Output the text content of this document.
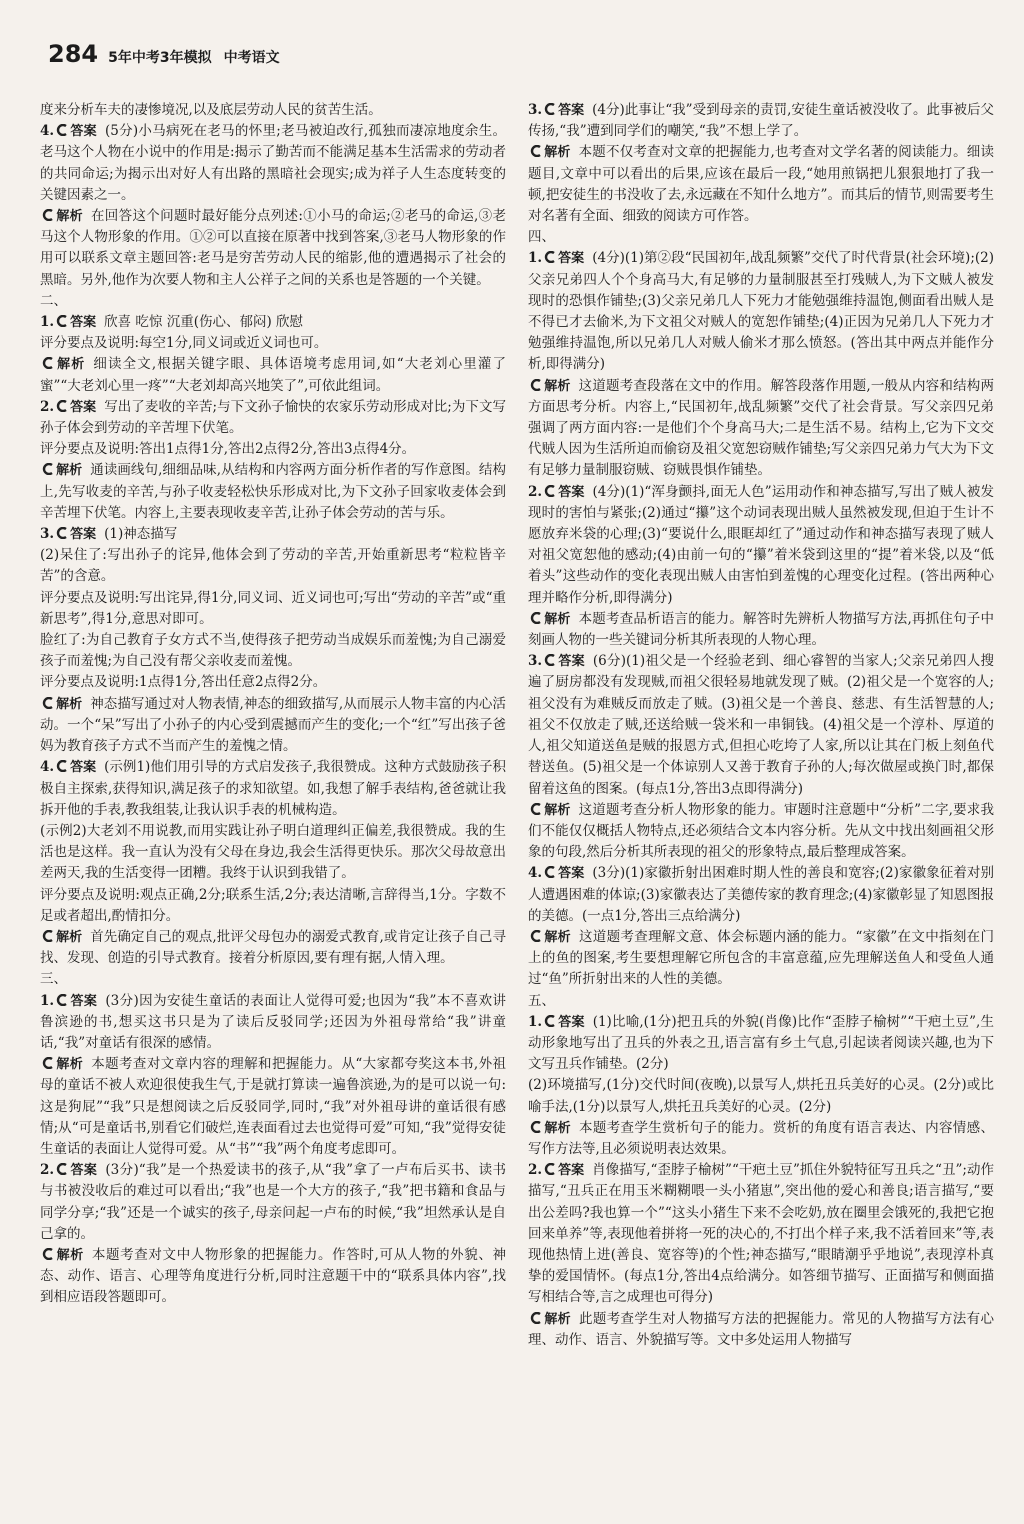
284 5年中考3年模拟 中考语文

度来分析车夫的凄惨境况,以及底层劳动人民的贫苦生活。

4. 答案 (5分)小马病死在老马的怀里;老马被迫改行,孤独而凄凉地度余生。老马这个人物在小说中的作用是:揭示了勤苦而不能满足基本生活需求的劳动者的共同命运;为揭示出对好人有出路的黑暗社会现实;成为祥子人生态度转变的关键因素之一。

解析 在回答这个问题时最好能分点列述:①小马的命运;②老马的命运,③老马这个人物形象的作用。①②可以直接在原著中找到答案,③老马人物形象的作用可以联系文章主题回答:老马是穷苦劳动人民的缩影,他的遭遇揭示了社会的黑暗。另外,他作为次要人物和主人公祥子之间的关系也是答题的一个关键。

二、

1. 答案 欣喜 吃惊 沉重(伤心、郁闷) 欣慰

评分要点及说明:每空1分,同义词或近义词也可。

解析 细读全文,根据关键字眼、具体语境考虑用词,如“大老刘心里灌了蜜”“大老刘心里一疼”“大老刘却高兴地笑了”,可依此组词。

2. 答案 写出了麦收的辛苦;与下文孙子愉快的农家乐劳动形成对比;为下文写孙子体会到劳动的辛苦埋下伏笔。

评分要点及说明:答出1点得1分,答出2点得2分,答出3点得4分。

解析 通读画线句,细细品味,从结构和内容两方面分析作者的写作意图。结构上,先写收麦的辛苦,与孙子收麦轻松快乐形成对比,为下文孙子回家收麦体会到辛苦埋下伏笔。内容上,主要表现收麦辛苦,让孙子体会劳动的苦与乐。

3. 答案 (1)神态描写

(2)呆住了:写出孙子的诧异,他体会到了劳动的辛苦,开始重新思考“粒粒皆辛苦”的含意。

评分要点及说明:写出诧异,得1分,同义词、近义词也可;写出“劳动的辛苦”或“重新思考”,得1分,意思对即可。

脸红了:为自己教育子女方式不当,使得孩子把劳动当成娱乐而羞愧;为自己溺爱孩子而羞愧;为自己没有帮父亲收麦而羞愧。

评分要点及说明:1点得1分,答出任意2点得2分。

解析 神态描写通过对人物表情,神态的细致描写,从而展示人物丰富的内心活动。一个“呆”写出了小孙子的内心受到震撼而产生的变化;一个“红”写出孩子爸妈为教育孩子方式不当而产生的羞愧之情。

4. 答案 (示例1)他们用引导的方式启发孩子,我很赞成。这种方式鼓励孩子积极自主探索,获得知识,满足孩子的求知欲望。如,我想了解手表结构,爸爸就让我拆开他的手表,教我组装,让我认识手表的机械构造。

(示例2)大老刘不用说教,而用实践让孙子明白道理纠正偏差,我很赞成。我的生活也是这样。我一直认为没有父母在身边,我会生活得更快乐。那次父母故意出差两天,我的生活变得一团糟。我终于认识到我错了。

评分要点及说明:观点正确,2分;联系生活,2分;表达清晰,言辞得当,1分。字数不足或者超出,酌情扣分。

解析 首先确定自己的观点,批评父母包办的溺爱式教育,或肯定让孩子自己寻找、发现、创造的引导式教育。接着分析原因,要有理有据,人情入理。

三、

1. 答案 (3分)因为安徒生童话的表面让人觉得可爱;也因为“我”本不喜欢讲鲁滨逊的书,想买这书只是为了读后反驳同学;还因为外祖母常给“我”讲童话,“我”对童话有很深的感情。

解析 本题考查对文章内容的理解和把握能力。从“大家都夸奖这本书,外祖母的童话不被人欢迎很使我生气,于是就打算读一遍鲁滨逊,为的是可以说一句:这是狗屁”“我”只是想阅读之后反驳同学,同时,“我”对外祖母讲的童话很有感情;从“可是童话书,别看它们破烂,连表面看过去也觉得可爱”可知,“我”觉得安徒生童话的表面让人觉得可爱。从“书”“我”两个角度考虑即可。

2. 答案 (3分)“我”是一个热爱读书的孩子,从“我”拿了一卢布后买书、读书与书被没收后的难过可以看出;“我”也是一个大方的孩子,“我”把书籍和食品与同学分享;“我”还是一个诚实的孩子,母亲问起一卢布的时候,“我”坦然承认是自己拿的。

解析 本题考查对文中人物形象的把握能力。作答时,可从人物的外貌、神态、动作、语言、心理等角度进行分析,同时注意题干中的“联系具体内容”,找到相应语段答题即可。

3. 答案 (4分)此事让“我”受到母亲的责罚,安徒生童话被没收了。此事被后父传扬,“我”遭到同学们的嘲笑,“我”不想上学了。

解析 本题不仅考查对文章的把握能力,也考查对文学名著的阅读能力。细读题目,文章中可以看出的后果,应该在最后一段,“她用煎锅把儿狠狠地打了我一顿,把安徒生的书没收了去,永远藏在不知什么地方”。而其后的情节,则需要考生对名著有全面、细致的阅读方可作答。

四、

1. 答案 (4分)(1)第②段“民国初年,战乱频繁”交代了时代背景(社会环境);(2)父亲兄弟四人个个身高马大,有足够的力量制服甚至打残贼人,为下文贼人被发现时的恐惧作铺垫;(3)父亲兄弟几人下死力才能勉强维持温饱,侧面看出贼人是不得已才去偷米,为下文祖父对贼人的宽恕作铺垫;(4)正因为兄弟几人下死力才勉强维持温饱,所以兄弟几人对贼人偷米才那么愤怒。(答出其中两点并能作分析,即得满分)

解析 这道题考查段落在文中的作用。解答段落作用题,一般从内容和结构两方面思考分析。内容上,“民国初年,战乱频繁”交代了社会背景。写父亲四兄弟强调了两方面内容:一是他们个个身高马大;二是生活不易。结构上,它为下文交代贼人因为生活所迫而偷窃及祖父宽恕窃贼作铺垫;写父亲四兄弟力气大为下文有足够力量制服窃贼、窃贼畏惧作铺垫。

2. 答案 (4分)(1)“浑身颤抖,面无人色”运用动作和神态描写,写出了贼人被发现时的害怕与紧张;(2)通过“攥”这个动词表现出贼人虽然被发现,但迫于生计不愿放弃米袋的心理;(3)“要说什么,眼眶却红了”通过动作和神态描写表现了贼人对祖父宽恕他的感动;(4)由前一句的“攥”着米袋到这里的“提”着米袋,以及“低着头”这些动作的变化表现出贼人由害怕到羞愧的心理变化过程。(答出两种心理并略作分析,即得满分)

解析 本题考查品析语言的能力。解答时先辨析人物描写方法,再抓住句子中刻画人物的一些关键词分析其所表现的人物心理。

3. 答案 (6分)(1)祖父是一个经验老到、细心睿智的当家人;父亲兄弟四人搜遍了厨房都没有发现贼,而祖父很轻易地就发现了贼。(2)祖父是一个宽容的人;祖父没有为难贼反而放走了贼。(3)祖父是一个善良、慈悲、有生活智慧的人;祖父不仅放走了贼,还送给贼一袋米和一串铜钱。(4)祖父是一个淳朴、厚道的人,祖父知道送鱼是贼的报恩方式,但担心吃垮了人家,所以让其在门板上刻鱼代替送鱼。(5)祖父是一个体谅别人又善于教育子孙的人;每次做屋或换门时,都保留着这鱼的图案。(每点1分,答出3点即得满分)

解析 这道题考查分析人物形象的能力。审题时注意题中“分析”二字,要求我们不能仅仅概括人物特点,还必须结合文本内容分析。先从文中找出刻画祖父形象的句段,然后分析其所表现的祖父的形象特点,最后整理成答案。

4. 答案 (3分)(1)家徽折射出困难时期人性的善良和宽容;(2)家徽象征着对别人遭遇困难的体谅;(3)家徽表达了美德传家的教育理念;(4)家徽彰显了知恩图报的美德。(一点1分,答出三点给满分)

解析 这道题考查理解文意、体会标题内涵的能力。“家徽”在文中指刻在门上的鱼的图案,考生要想理解它所包含的丰富意蕴,应先理解送鱼人和受鱼人通过“鱼”所折射出来的人性的美德。

五、

1. 答案 (1)比喻,(1分)把丑兵的外貌(肖像)比作“歪脖子榆树”“干疤土豆”,生动形象地写出了丑兵的外表之丑,语言富有乡土气息,引起读者阅读兴趣,也为下文写丑兵作铺垫。(2分)

(2)环境描写,(1分)交代时间(夜晚),以景写人,烘托丑兵美好的心灵。(2分)或比喻手法,(1分)以景写人,烘托丑兵美好的心灵。(2分)

解析 本题考查学生赏析句子的能力。赏析的角度有语言表达、内容情感、写作方法等,且必须说明表达效果。

2. 答案 肖像描写,“歪脖子榆树”“干疤土豆”抓住外貌特征写丑兵之“丑”;动作描写,“丑兵正在用玉米糊糊喂一头小猪崽”,突出他的爱心和善良;语言描写,“要出公差吗?我也算一个”“这头小猪生下来不会吃奶,放在圈里会饿死的,我把它抱回来单养”等,表现他着拼将一死的决心的,不打出个样子来,我不活着回来”等,表现他热情上进(善良、宽容等)的个性;神态描写,“眼睛潮乎乎地说”,表现淳朴真挚的爱国情怀。(每点1分,答出4点给满分。如答细节描写、正面描写和侧面描写相结合等,言之成理也可得分)

解析 此题考查学生对人物描写方法的把握能力。常见的人物描写方法有心理、动作、语言、外貌描写等。文中多处运用人物描写
